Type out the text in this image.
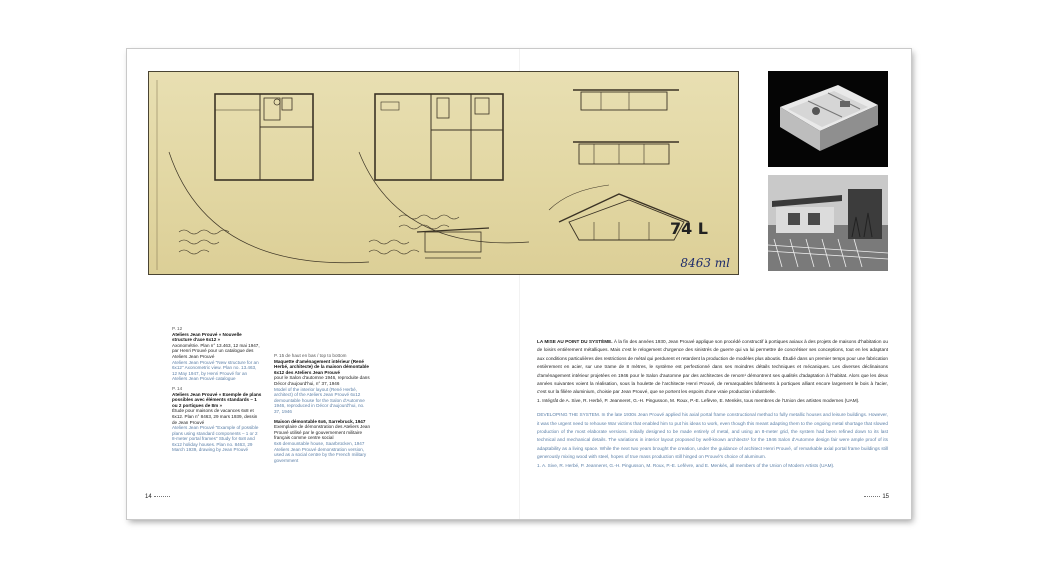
74 L
8463 ml
P. 12
Ateliers Jean Prouvé « Nouvelle structure d'axe 6x12 »
Axonométrie. Plan n° 13.463, 12 mai 1947, par Henri Prouvé pour un catalogue des Ateliers Jean Prouvé
Ateliers Jean Prouvé "New structure for an 6x12" Axonometric view. Plan no. 13.463, 12 May 1947, by Henri Prouvé for an Ateliers Jean Prouvé catalogue
P. 14
Ateliers Jean Prouvé « Exemple de plans possibles avec éléments standards – 1 ou 2 portiques de 8m »
Étude pour maisons de vacances 6x8 et 6x12. Plan n° 8463, 29 mars 1939, dessin de Jean Prouvé
Ateliers Jean Prouvé "Example of possible plans using standard components – 1 or 2 8-meter portal frames" Study for 6x8 and 6x12 holiday houses. Plan no. 8463, 29 March 1939, drawing by Jean Prouvé
P. 15 de haut en bas / top to bottom
Maquette d'aménagement intérieur (René Herbé, architecte) de la maison démontable 6x12 des Ateliers Jean Prouvé
pour le Salon d'automne 1946, reproduite dans Décor d'aujourd'hui, n° 37, 1946
Model of the interior layout (René Herbé, architect) of the Ateliers Jean Prouvé 6x12 demountable house for the Salon d'Automne 1946, reproduced in Décor d'aujourd'hui, no. 37, 1946
Maison démontable 6x6, Sarrebruck, 1947
Exemplaire de démonstration des Ateliers Jean Prouvé utilisé par le gouvernement militaire français comme centre social
6x6 demountable house, Saarbrücken, 1947 Ateliers Jean Prouvé demonstration version, used as a social centre by the French military government

LA MISE AU POINT DU SYSTÈME. À la fin des années 1930, Jean Prouvé applique son procédé constructif à portiques axiaux à des projets de maisons d'habitation ou de loisirs entièrement métalliques. Mais c'est le relogement d'urgence des sinistrés de guerre qui va lui permettre de concrétiser ses conceptions, tout en les adaptant aux conditions particulières des restrictions de métal qui perdurent et retardent la production de modèles plus aboutis. Étudié dans un premier temps pour une fabrication entièrement en acier, sur une trame de 8 mètres, le système est perfectionné dans ses moindres détails techniques et mécaniques. Les diverses déclinaisons d'aménagement intérieur projetées en 1946 pour le Salon d'automne par des architectes de renom¹ démontrent ses qualités d'adaptation à l'habitat. Alors que les deux années suivantes voient la réalisation, sous la houlette de l'architecte Henri Prouvé, de remarquables bâtiments à portiques alliant encore largement le bois à l'acier, c'est sur la filière aluminium, choisie par Jean Prouvé, que se portent les espoirs d'une vraie production industrielle.
1. Intégrât de A. Sive, R. Herbé, P. Jeanneret, G.-H. Pingusson, M. Roux, P.-E. Lefèvre, E. Menkès, tous membres de l'Union des artistes modernes (UAM).

DEVELOPING THE SYSTEM. In the late 1930s Jean Prouvé applied his axial portal frame constructional method to fully metallic houses and leisure buildings. However, it was the urgent need to rehouse War victims that enabled him to put his ideas to work, even though this meant adapting them to the ongoing metal shortage that slowed production of the most elaborate versions. Initially designed to be made entirely of metal, and using an 8-meter grid, the system had been refined down to its last technical and mechanical details. The variations in interior layout proposed by well-known architects¹ for the 1946 Salon d'Automne design fair were ample proof of its adaptability as a living space. While the next two years brought the creation, under the guidance of architect Henri Prouvé, of remarkable axial portal frame buildings still generously mixing wood with steel, hopes of true mass production still hinged on Prouvé's choice of aluminum.
1. A. Sive, R. Herbé, P. Jeanneret, G.-H. Pingusson, M. Roux, P.-E. Lefèvre, and E. Menkès, all members of the Union of Modern Artists (UAM).

14	15
